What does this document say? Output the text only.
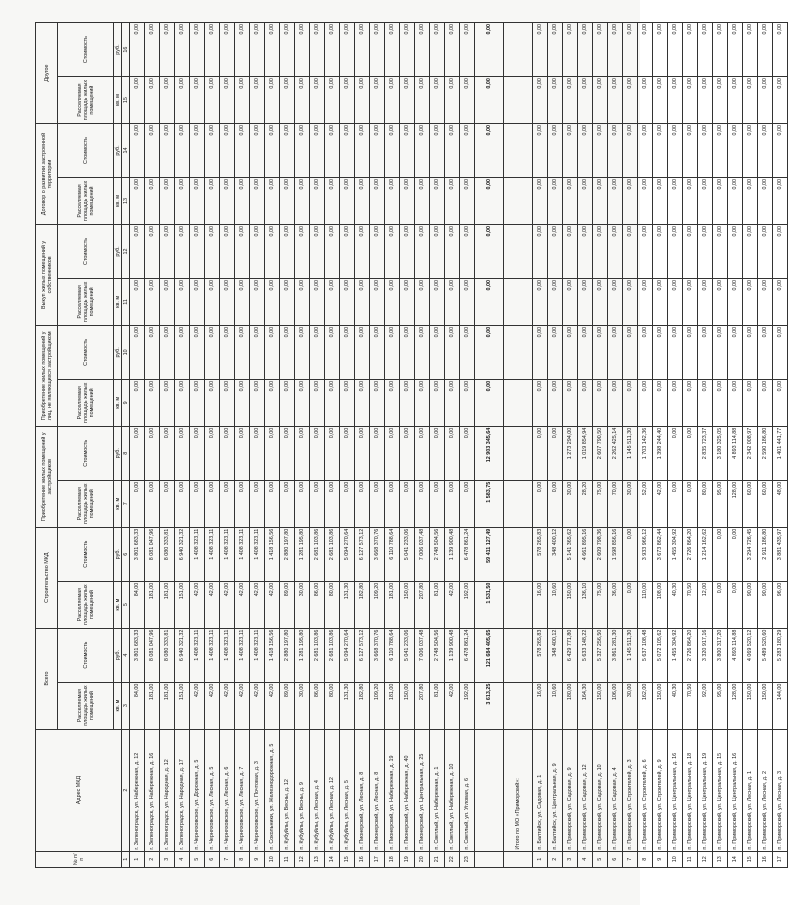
№ п/п	Адрес МКД	Всего		Строительство МКД		Приобретение жилых помещений у застройщиков		Приобретение жилых помещений у лиц, не являющихся застройщиком		Выкуп жилых помещений у собственников		Договор о развитии застроенной территории		Другое	
		Расселяемая площадь жилых помещений	Стоимость	Расселяемая площадь жилых помещений	Стоимость	Расселяемая площадь жилых помещений	Стоимость	Расселяемая площадь жилых помещений	Стоимость	Расселяемая площадь жилых помещений	Стоимость	Расселяемая площадь жилых помещений	Стоимость	Расселяемая площадь жилых помещений	Стоимость
		кв. м	руб.	кв. м	руб.	кв. м	руб.	кв. м	руб.	кв. м	руб.	кв. м	руб.	кв. м	руб.
1	2	3	4	5	6	7	8	9	10	11	12	13	14	15	16
1	г. Зеленоградск, ул. Набережная, д. 12	84,00	3 801 683,33	84,00	3 801 683,33	0,00	0,00	0,00	0,00	0,00	0,00	0,00	0,00	0,00	0,00
2	г. Зеленоградск, ул. Набережная, д. 16	181,00	8 081 047,96	181,00	8 081 047,96	0,00	0,00	0,00	0,00	0,00	0,00	0,00	0,00	0,00	0,00
3	г. Зеленоградск, ул. Народная, д. 12	181,00	8 080 333,81	181,00	8 080 333,81	0,00	0,00	0,00	0,00	0,00	0,00	0,00	0,00	0,00	0,00
4	г. Зеленоградск, ул. Народная, д. 17	151,00	6 940 321,32	151,00	6 940 321,32	0,00	0,00	0,00	0,00	0,00	0,00	0,00	0,00	0,00	0,00
5	п. Черняховское, ул. Дорожная, д. 5	42,00	1 408 323,11	42,00	1 408 323,11	0,00	0,00	0,00	0,00	0,00	0,00	0,00	0,00	0,00	0,00
6	п. Черняховское, ул. Лесная, д. 5	42,00	1 408 323,11	42,00	1 408 323,11	0,00	0,00	0,00	0,00	0,00	0,00	0,00	0,00	0,00	0,00
7	п. Черняховское, ул. Лесная, д. 6	42,00	1 408 323,11	42,00	1 408 323,11	0,00	0,00	0,00	0,00	0,00	0,00	0,00	0,00	0,00	0,00
8	п. Черняховское, ул. Лесная, д. 7	42,00	1 408 323,11	42,00	1 408 323,11	0,00	0,00	0,00	0,00	0,00	0,00	0,00	0,00	0,00	0,00
9	п. Черняховское, ул. Почтовая, д. 3	42,00	1 408 323,11	42,00	1 408 323,11	0,00	0,00	0,00	0,00	0,00	0,00	0,00	0,00	0,00	0,00
10	п. Сокольники, ул. Железнодорожная, д. 5	42,00	1 418 156,56	42,00	1 418 156,56	0,00	0,00	0,00	0,00	0,00	0,00	0,00	0,00	0,00	0,00
11	п. Кубуйлы, ул. Весны, д. 12	89,00	2 880 197,80	89,00	2 880 197,80	0,00	0,00	0,00	0,00	0,00	0,00	0,00	0,00	0,00	0,00
12	п. Кубуйлы, ул. Весны, д. 9	30,00	1 281 195,80	30,00	1 281 195,80	0,00	0,00	0,00	0,00	0,00	0,00	0,00	0,00	0,00	0,00
13	п. Кубуйлы, ул. Лесная, д. 4	86,00	2 681 103,86	86,00	2 681 103,86	0,00	0,00	0,00	0,00	0,00	0,00	0,00	0,00	0,00	0,00
14	п. Кубуйлы, ул. Лесная, д. 12	80,00	2 681 103,86	80,00	2 681 103,86	0,00	0,00	0,00	0,00	0,00	0,00	0,00	0,00	0,00	0,00
15	п. Кубуйлы, ул. Лесная, д. 5	131,30	5 094 270,64	131,30	5 094 270,64	0,00	0,00	0,00	0,00	0,00	0,00	0,00	0,00	0,00	0,00
16	п. Пионерский, ул. Лесная, д. 8	182,80	6 127 573,12	182,80	6 127 573,12	0,00	0,00	0,00	0,00	0,00	0,00	0,00	0,00	0,00	0,00
17	п. Пионерский, ул. Лесная, д. 8	109,20	3 668 370,76	109,20	3 668 370,76	0,00	0,00	0,00	0,00	0,00	0,00	0,00	0,00	0,00	0,00
18	п. Пионерский, ул. Набережная, д. 19	181,00	6 110 788,64	181,00	6 110 788,64	0,00	0,00	0,00	0,00	0,00	0,00	0,00	0,00	0,00	0,00
19	п. Пионерский, ул. Набережная, д. 40	150,00	5 041 233,06	150,00	5 041 233,06	0,00	0,00	0,00	0,00	0,00	0,00	0,00	0,00	0,00	0,00
20	п. Пионерский, ул. Центральная, д. 25	207,80	7 006 037,48	207,80	7 006 037,48	0,00	0,00	0,00	0,00	0,00	0,00	0,00	0,00	0,00	0,00
21	п. Светлый, ул. Набережная, д. 1	81,00	2 748 504,56	81,00	2 748 504,56	0,00	0,00	0,00	0,00	0,00	0,00	0,00	0,00	0,00	0,00
22	п. Светлый, ул. Набережная, д. 10	42,00	1 139 900,48	42,00	1 139 900,48	0,00	0,00	0,00	0,00	0,00	0,00	0,00	0,00	0,00	0,00
23	п. Светлый, ул. Угловая, д. 6	192,00	6 478 861,24	192,00	6 478 861,24	0,00	0,00	0,00	0,00	0,00	0,00	0,00	0,00	0,00	0,00
		3 613,25	121 684 405,65	1 531,50	59 411 127,49	1 583,75	12 903 345,64	0,00	0,00	0,00	0,00	0,00	0,00	0,00	0,00
	Итого по МО «Приморский»:														
1	п. Балтийск, ул. Садовая, д. 1	16,00	578 265,83	16,00	578 265,83	0,00	0,00	0,00	0,00	0,00	0,00	0,00	0,00	0,00	0,00
2	п. Балтийск, ул. Центральная, д. 9	10,60	348 400,12	10,60	348 400,12	0,00	0,00	0,00	0,00	0,00	0,00	0,00	0,00	0,00	0,00
3	п. Приморский, ул. Садовая, д. 9	180,00	6 429 771,80	150,00	5 141 365,62	30,00	1 273 294,00	0,00	0,00	0,00	0,00	0,00	0,00	0,00	0,00
4	п. Приморский, ул. Садовая, д. 12	164,30	5 633 148,22	136,10	4 661 895,16	28,20	1 019 854,94	0,00	0,00	0,00	0,00	0,00	0,00	0,00	0,00
5	п. Приморский, ул. Садовая, д. 10	150,00	5 327 256,50	75,00	2 609 798,36	75,00	2 607 790,50	0,00	0,00	0,00	0,00	0,00	0,00	0,00	0,00
6	п. Приморский, ул. Садовая, д. 4	106,00	3 861 281,30	36,00	1 598 856,16	70,00	2 262 425,14	0,00	0,00	0,00	0,00	0,00	0,00	0,00	0,00
7	п. Приморский, ул. Строителей, д. 3	30,00	1 145 511,30	0,00	0,00	30,00	1 145 511,30	0,00	0,00	0,00	0,00	0,00	0,00	0,00	0,00
8	п. Приморский, ул. Строителей, д. 6	162,00	5 637 108,48	110,00	3 933 966,12	52,00	1 703 142,36	0,00	0,00	0,00	0,00	0,00	0,00	0,00	0,00
9	п. Приморский, ул. Строителей, д. 9	150,00	5 072 105,62	108,00	3 673 862,44	42,00	1 398 244,40	0,00	0,00	0,00	0,00	0,00	0,00	0,00	0,00
10	п. Приморский, ул. Центральная, д. 16	40,30	1 455 304,92	40,30	1 455 304,92	0,00	0,00	0,00	0,00	0,00	0,00	0,00	0,00	0,00	0,00
11	п. Приморский, ул. Центральная, д. 18	70,50	2 726 864,20	70,50	2 726 864,20	0,00	0,00	0,00	0,00	0,00	0,00	0,00	0,00	0,00	0,00
12	п. Приморский, ул. Центральная, д. 19	92,00	3 320 917,16	12,00	1 214 162,62	80,00	2 835 723,37	0,00	0,00	0,00	0,00	0,00	0,00	0,00	0,00
13	п. Приморский, ул. Центральная, д. 15	95,00	3 800 317,20	0,00	0,00	95,00	3 180 325,05	0,00	0,00	0,00	0,00	0,00	0,00	0,00	0,00
14	п. Приморский, ул. Центральная, д. 16	128,00	4 893 114,88	0,00	0,00	128,00	4 893 114,88	0,00	0,00	0,00	0,00	0,00	0,00	0,00	0,00
15	п. Приморский, ул. Лесная, д. 1	150,00	4 069 520,12	90,00	3 294 726,45	60,00	2 342 008,97	0,00	0,00	0,00	0,00	0,00	0,00	0,00	0,00
16	п. Приморский, ул. Лесная, д. 2	150,00	5 489 520,60	90,00	2 911 186,80	60,00	2 590 186,80	0,00	0,00	0,00	0,00	0,00	0,00	0,00	0,00
17	п. Приморский, ул. Лесная, д. 3	144,00	5 283 180,29	96,00	3 881 435,97	48,00	1 401 441,77	0,00	0,00	0,00	0,00	0,00	0,00	0,00	0,00
